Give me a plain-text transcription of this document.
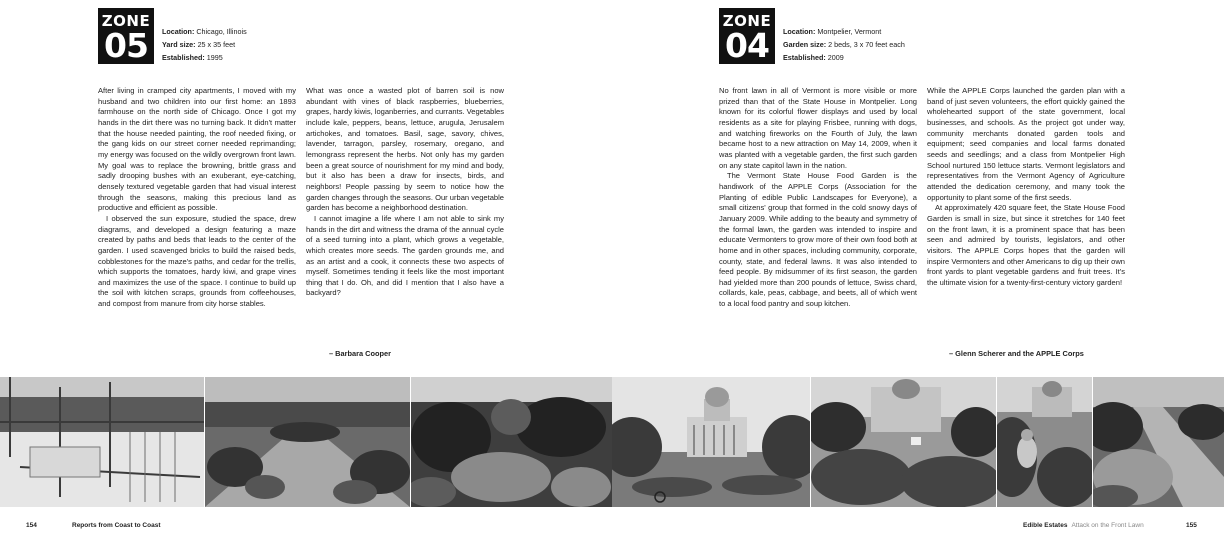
ZONE
05	Location: Chicago, Illinois
Yard size: 25 x 35 feet
Established: 1995

After living in cramped city apartments, I moved with my husband and two children into our first home: an 1893 farmhouse on the north side of Chicago. Once I got my hands in the dirt there was no turning back. It didn't matter that the house needed painting, the roof needed fixing, or the gang kids on our street corner needed reprimanding; my energy was focused on the wildly overgrown front lawn. My goal was to replace the browning, brittle grass and sadly drooping bushes with an exuberant, eye-catching, densely textured vegetable garden that had visual interest through the seasons, making this precious land as productive and efficient as possible.

I observed the sun exposure, studied the space, drew diagrams, and developed a design featuring a maze created by paths and beds that leads to the center of the garden. I used scavenged bricks to build the raised beds, cobblestones for the maze's paths, and cedar for the trellis, which supports the tomatoes, hardy kiwi, and grape vines and maximizes the use of the space. I continue to build up the soil with kitchen scraps, grounds from coffeehouses, and compost from manure from city horse stables.

What was once a wasted plot of barren soil is now abundant with vines of black raspberries, blueberries, grapes, hardy kiwis, loganberries, and currants. Vegetables include kale, peppers, beans, lettuce, arugula, Jerusalem artichokes, and tomatoes. Basil, sage, savory, chives, lavender, tarragon, parsley, rosemary, oregano, and lemongrass represent the herbs. Not only has my garden been a great source of nourishment for my mind and body, but it also has been a draw for insects, birds, and neighbors! People passing by seem to notice how the garden changes through the seasons. Our urban vegetable garden has become a neighborhood destination.

I cannot imagine a life where I am not able to sink my hands in the dirt and witness the drama of the annual cycle of a seed turning into a plant, which grows a vegetable, which creates more seeds. The garden grounds me, and as an artist and a cook, it connects these two aspects of myself. Sometimes tending it feels like the most important thing that I do. Oh, and did I mention that I also have a backyard?

– Barbara Cooper
ZONE
04	Location: Montpelier, Vermont
Garden size: 2 beds, 3 x 70 feet each
Established: 2009

No front lawn in all of Vermont is more visible or more prized than that of the State House in Montpelier. Long known for its colorful flower displays and used by local residents as a site for playing Frisbee, running with dogs, and watching fireworks on the Fourth of July, the lawn became host to a new attraction on May 14, 2009, when it was planted with a vegetable garden, the first such garden on any state capitol lawn in the nation.

The Vermont State House Food Garden is the handiwork of the APPLE Corps (Association for the Planting of edible Public Landscapes for Everyone), a small citizens' group that formed in the cold snowy days of January 2009. While adding to the beauty and symmetry of the formal lawn, the garden was intended to inspire and educate Vermonters to grow more of their own food both at home and in other spaces, including community, corporate, county, state, and federal lawns. It was also intended to feed people. By midsummer of its first season, the garden had yielded more than 200 pounds of lettuce, Swiss chard, collards, kale, peas, cabbage, and beets, all of which went to a local food pantry and soup kitchen.

While the APPLE Corps launched the garden plan with a band of just seven volunteers, the effort quickly gained the wholehearted support of the state government, local businesses, and schools. As the project got under way, community merchants donated garden tools and equipment; seed companies and local farms donated seeds and seedlings; and a class from Montpelier High School nurtured 150 lettuce starts. Vermont legislators and representatives from the Vermont Agency of Agriculture attended the dedication ceremony, and many took the opportunity to plant some of the first seeds.

At approximately 420 square feet, the State House Food Garden is small in size, but since it stretches for 140 feet on the front lawn, it is a prominent space that has been seen and admired by tourists, legislators, and other visitors. The APPLE Corps hopes that the garden will inspire Vermonters and other Americans to dig up their own front yards to plant vegetable gardens and fruit trees. It's the ultimate vision for a twenty-first-century victory garden!

– Glenn Scherer and the APPLE Corps
154	Reports from Coast to Coast	Edible Estates Attack on the Front Lawn	155
